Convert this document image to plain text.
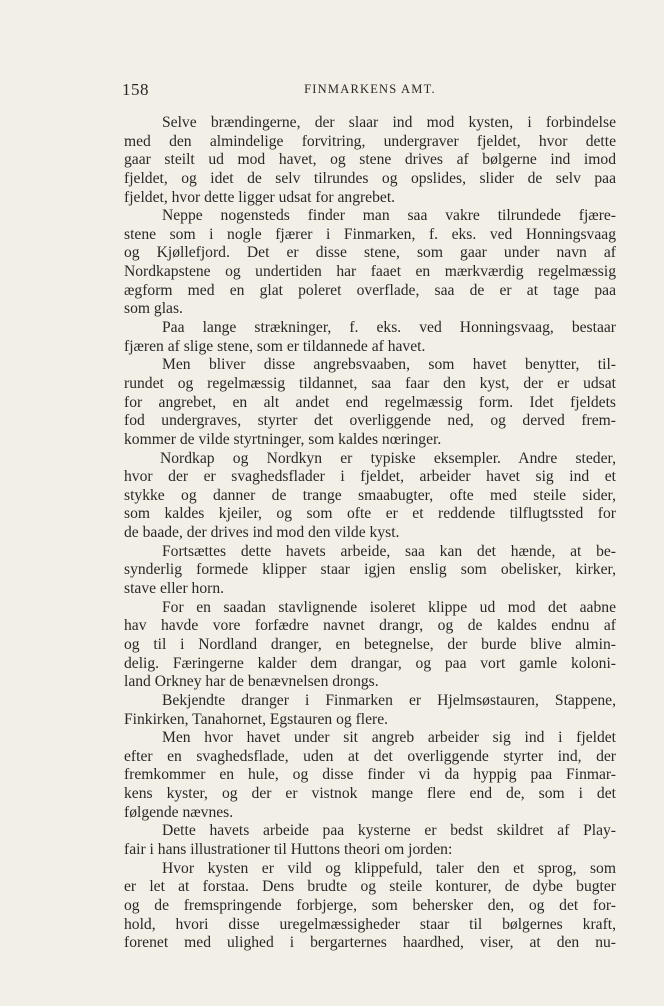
158	FINMARKENS AMT.
Selve brændingerne, der slaar ind mod kysten, i forbindelse
med den almindelige forvitring, undergraver fjeldet, hvor dette
gaar steilt ud mod havet, og stene drives af bølgerne ind imod
fjeldet, og idet de selv tilrundes og opslides, slider de selv paa
fjeldet, hvor dette ligger udsat for angrebet.
Neppe nogensteds finder man saa vakre tilrundede fjære-
stene som i nogle fjærer i Finmarken, f. eks. ved Honningsvaag
og Kjøllefjord. Det er disse stene, som gaar under navn af
Nordkapstene og undertiden har faaet en mærkværdig regelmæssig
ægform med en glat poleret overflade, saa de er at tage paa
som glas.
Paa lange strækninger, f. eks. ved Honningsvaag, bestaar
fjæren af slige stene, som er tildannede af havet.
Men bliver disse angrebsvaaben, som havet benytter, til-
rundet og regelmæssig tildannet, saa faar den kyst, der er udsat
for angrebet, en alt andet end regelmæssig form. Idet fjeldets
fod undergraves, styrter det overliggende ned, og derved frem-
kommer de vilde styrtninger, som kaldes nœringer.
Nordkap og Nordkyn er typiske eksempler. Andre steder,
hvor der er svaghedsflader i fjeldet, arbeider havet sig ind et
stykke og danner de trange smaabugter, ofte med steile sider,
som kaldes kjeiler, og som ofte er et reddende tilflugtssted for
de baade, der drives ind mod den vilde kyst.
Fortsættes dette havets arbeide, saa kan det hænde, at be-
synderlig formede klipper staar igjen enslig som obelisker, kirker,
stave eller horn.
For en saadan stavlignende isoleret klippe ud mod det aabne
hav havde vore forfædre navnet drangr, og de kaldes endnu af
og til i Nordland dranger, en betegnelse, der burde blive almin-
delig. Færingerne kalder dem drangar, og paa vort gamle koloni-
land Orkney har de benævnelsen drongs.
Bekjendte dranger i Finmarken er Hjelmsøstauren, Stappene,
Finkirken, Tanahornet, Egstauren og flere.
Men hvor havet under sit angreb arbeider sig ind i fjeldet
efter en svaghedsflade, uden at det overliggende styrter ind, der
fremkommer en hule, og disse finder vi da hyppig paa Finmar-
kens kyster, og der er vistnok mange flere end de, som i det
følgende nævnes.
Dette havets arbeide paa kysterne er bedst skildret af Play-
fair i hans illustrationer til Huttons theori om jorden:
Hvor kysten er vild og klippefuld, taler den et sprog, som
er let at forstaa. Dens brudte og steile konturer, de dybe bugter
og de fremspringende forbjerge, som behersker den, og det for-
hold, hvori disse uregelmæssigheder staar til bølgernes kraft,
forenet med ulighed i bergarternes haardhed, viser, at den nu-
